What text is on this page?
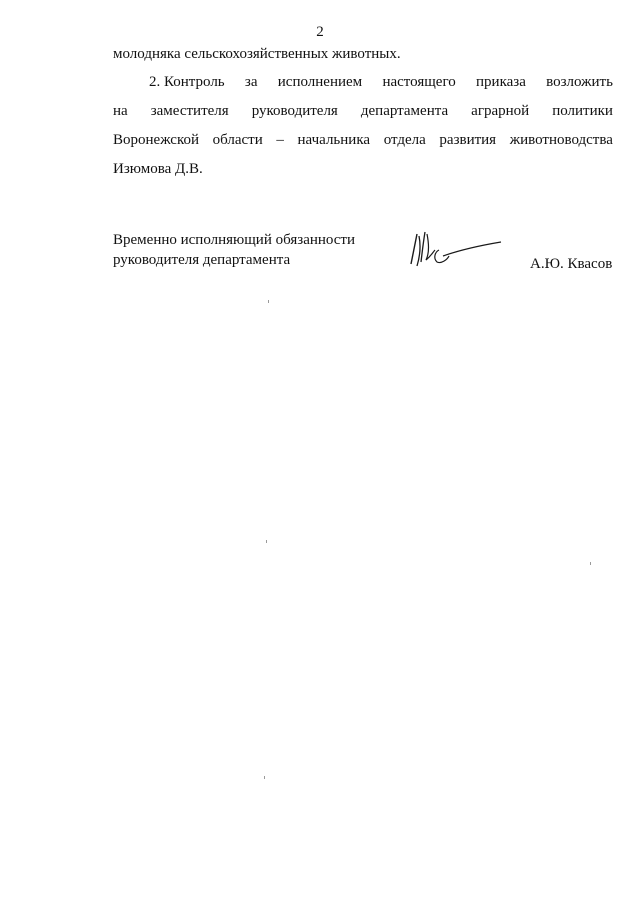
2
молодняка сельскохозяйственных животных.
2. Контроль за исполнением настоящего приказа возложить
на заместителя руководителя департамента аграрной политики
Воронежской области – начальника отдела развития животноводства
Изюмова Д.В.
Временно исполняющий обязанности
руководителя департамента	А.Ю. Квасов
